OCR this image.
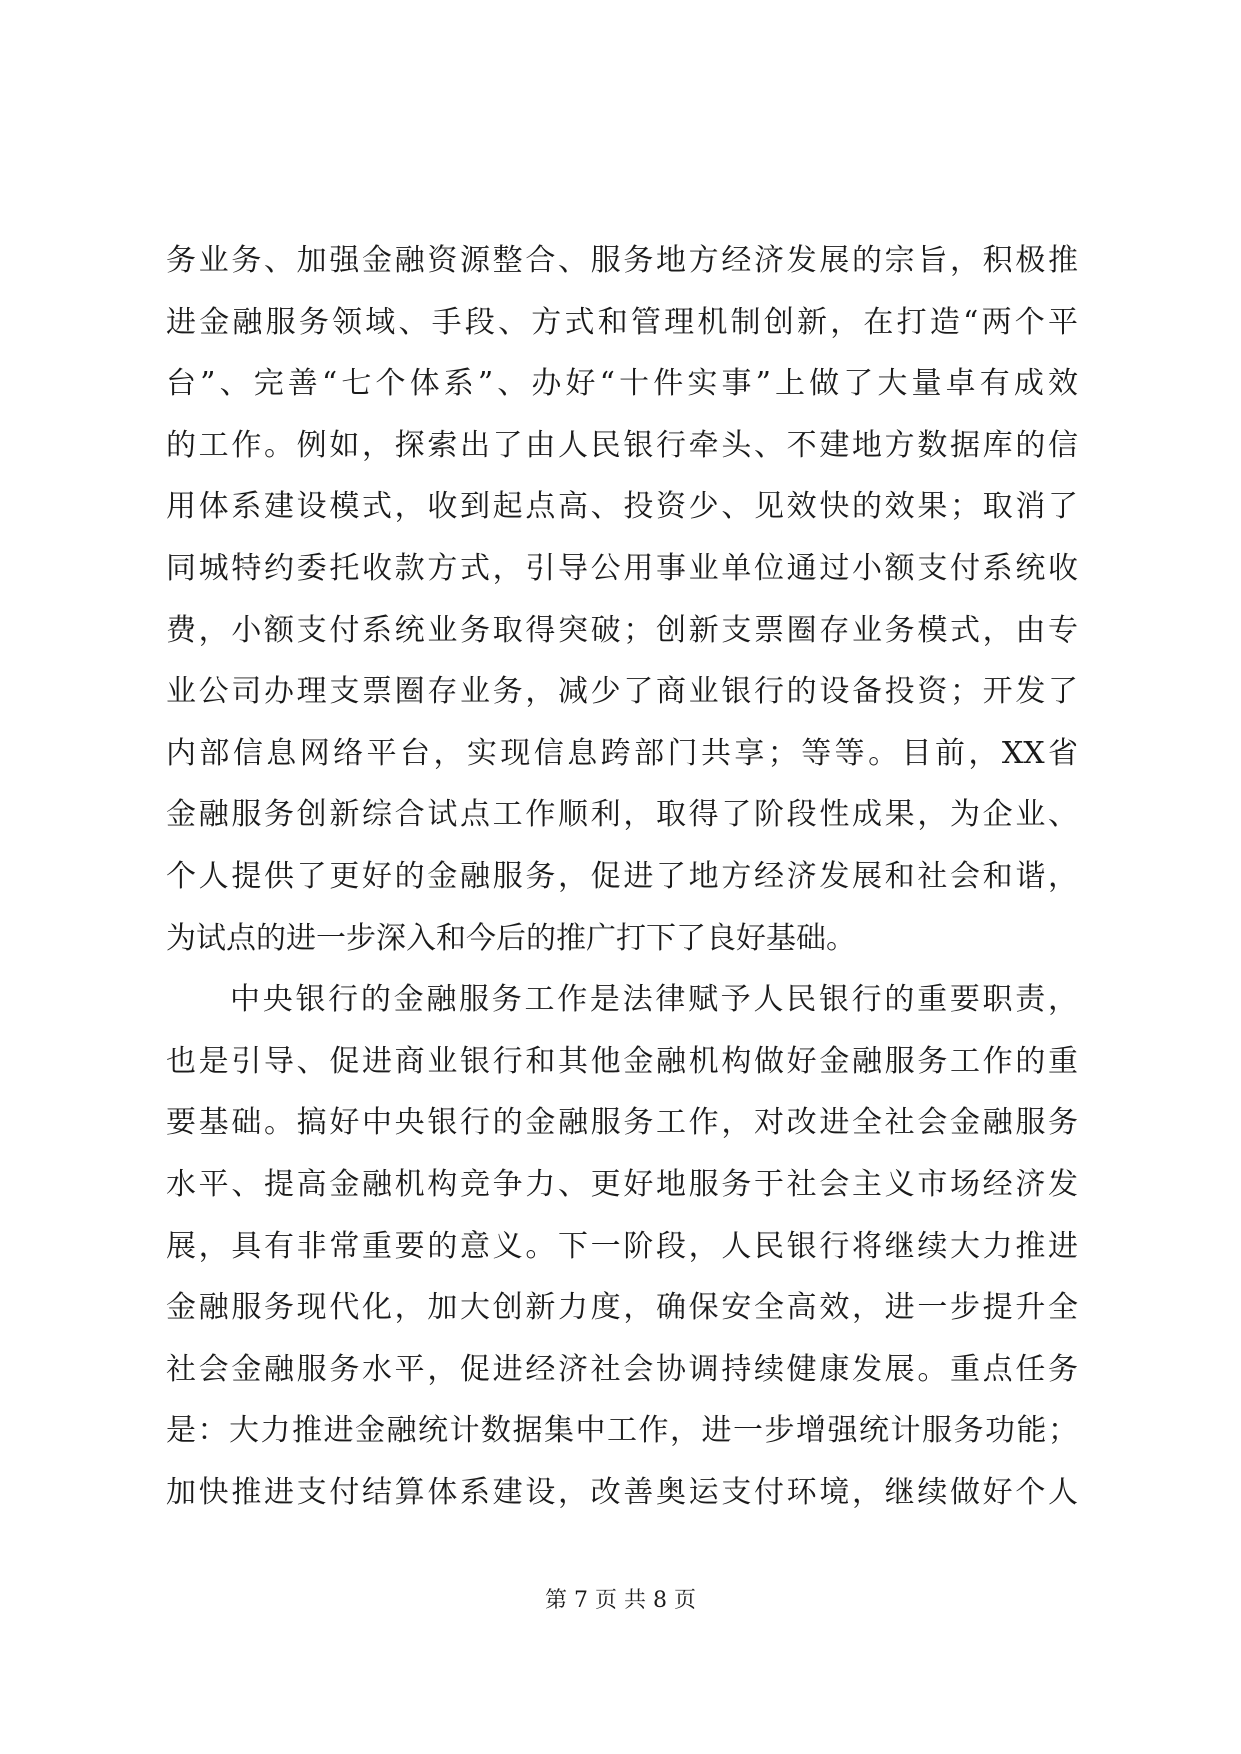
务业务、加强金融资源整合、服务地方经济发展的宗旨，积极推
进金融服务领域、手段、方式和管理机制创新，在打造“两个平
台”、完善“七个体系”、办好“十件实事”上做了大量卓有成效
的工作。例如，探索出了由人民银行牵头、不建地方数据库的信
用体系建设模式，收到起点高、投资少、见效快的效果；取消了
同城特约委托收款方式，引导公用事业单位通过小额支付系统收
费，小额支付系统业务取得突破；创新支票圈存业务模式，由专
业公司办理支票圈存业务，减少了商业银行的设备投资；开发了
内部信息网络平台，实现信息跨部门共享；等等。目前，XX省
金融服务创新综合试点工作顺利，取得了阶段性成果，为企业、
个人提供了更好的金融服务，促进了地方经济发展和社会和谐，
为试点的进一步深入和今后的推广打下了良好基础。
中央银行的金融服务工作是法律赋予人民银行的重要职责，
也是引导、促进商业银行和其他金融机构做好金融服务工作的重
要基础。搞好中央银行的金融服务工作，对改进全社会金融服务
水平、提高金融机构竞争力、更好地服务于社会主义市场经济发
展，具有非常重要的意义。下一阶段，人民银行将继续大力推进
金融服务现代化，加大创新力度，确保安全高效，进一步提升全
社会金融服务水平，促进经济社会协调持续健康发展。重点任务
是：大力推进金融统计数据集中工作，进一步增强统计服务功能；
加快推进支付结算体系建设，改善奥运支付环境，继续做好个人
第 7 页 共 8 页
